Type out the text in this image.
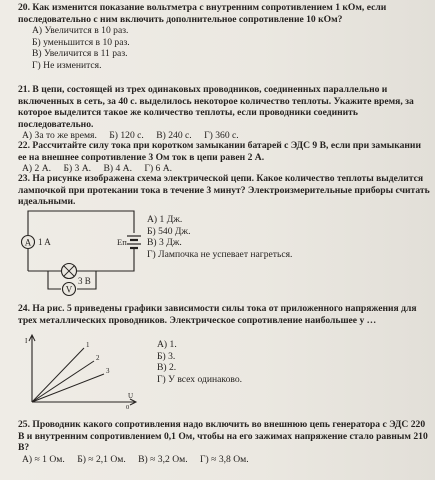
20. Как изменится показание вольтметра с внутренним сопротивлением 1 кОм, если последовательно с ним включить дополнительное сопротивление 10 кОм?
А) Увеличится в 10 раз.
Б) уменьшится в 10 раз.
В) Увеличится в 11 раз.
Г) Не изменится.
21. В цепи, состоящей из трех одинаковых проводников, соединенных параллельно и включенных в сеть, за 40 с. выделилось некоторое количество теплоты. Укажите время, за которое выделится такое же количество теплоты, если проводники соединить последовательно.
А) За то же время. Б) 120 с. В) 240 с. Г) 360 с.
22. Рассчитайте силу тока при коротком замыкании батарей с ЭДС 9 В, если при замыкании ее на внешнее сопротивление 3 Ом ток в цепи равен 2 А.
А) 2 А. Б) 3 А. В) 4 А. Г) 6 А.
23. На рисунке изображена схема электрической цепи. Какое количество теплоты выделится лампочкой при протекании тока в течение 3 минут? Электроизмерительные приборы считать идеальными.
A 1 A	Eп
V
3 В
А) 1 Дж.
Б) 540 Дж.
В) 3 Дж.
Г) Лампочка не успевает нагреться.
24. На рис. 5 приведены графики зависимости силы тока от приложенного напряжения для трех металлических проводников. Электрическое сопротивление наибольшее у …
I
U
0
1
2
3
А) 1.
Б) 3.
В) 2.
Г) У всех одинаково.
25. Проводник какого сопротивления надо включить во внешнюю цепь генератора с ЭДС 220 В и внутренним сопротивлением 0,1 Ом, чтобы на его зажимах напряжение стало равным 210 В?
А) ≈ 1 Ом. Б) ≈ 2,1 Ом. В) ≈ 3,2 Ом. Г) ≈ 3,8 Ом.
